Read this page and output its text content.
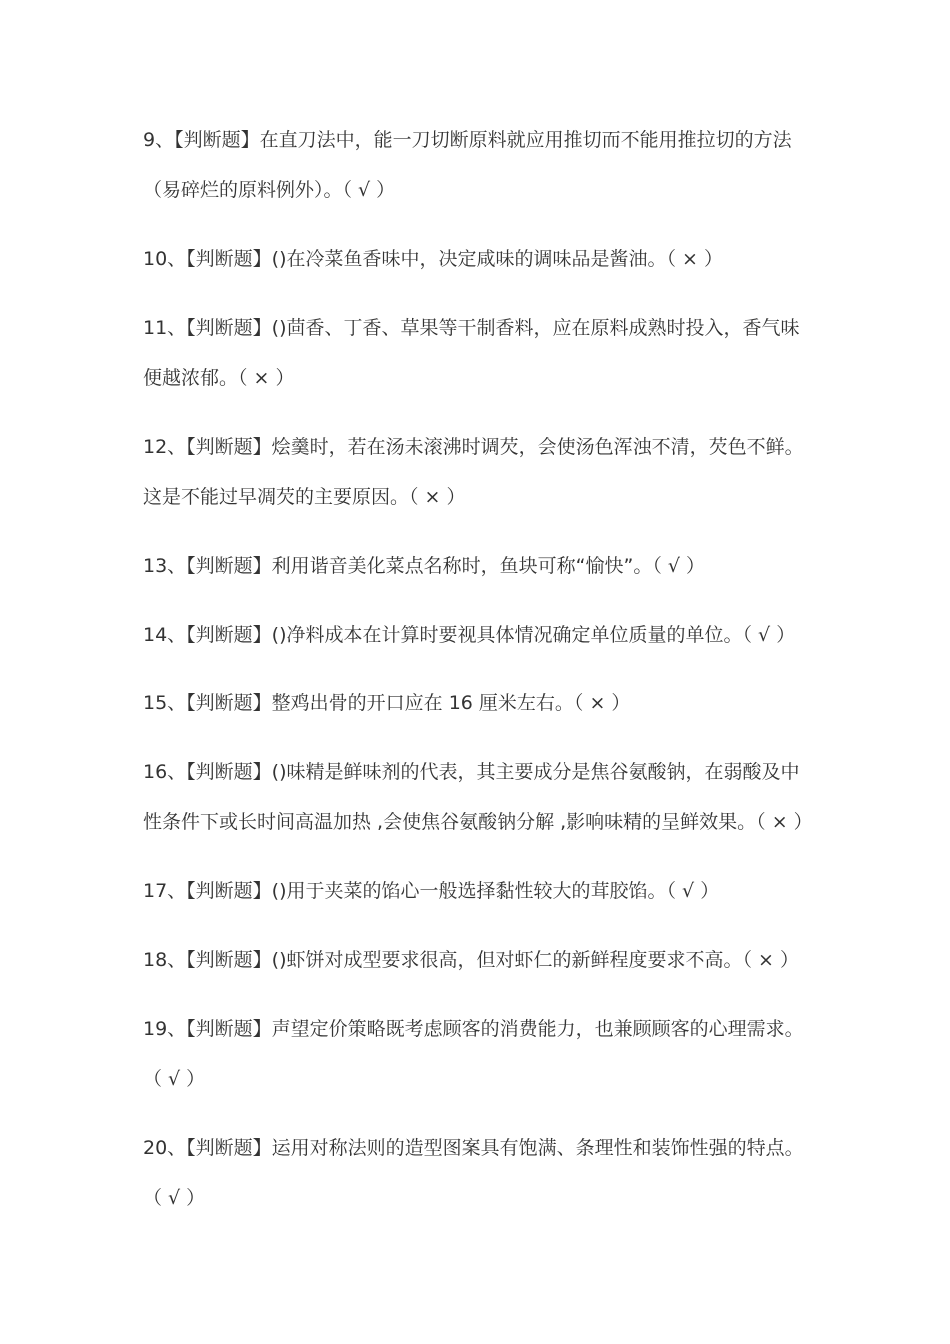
9、【判断题】在直刀法中，能一刀切断原料就应用推切而不能用推拉切的方法
（易碎烂的原料例外）。（ √ ）
10、【判断题】()在冷菜鱼香味中，决定咸味的调味品是酱油。（ × ）
11、【判断题】()茴香、丁香、草果等干制香料，应在原料成熟时投入，香气味
便越浓郁。（ × ）
12、【判断题】烩羹时，若在汤未滚沸时调芡，会使汤色浑浊不清，芡色不鲜。
这是不能过早凋芡的主要原因。（ × ）
13、【判断题】利用谐音美化菜点名称时，鱼块可称“愉快”。（ √ ）
14、【判断题】()净料成本在计算时要视具体情况确定单位质量的单位。（ √ ）
15、【判断题】整鸡出骨的开口应在 16 厘米左右。（ × ）
16、【判断题】()味精是鲜味剂的代表，其主要成分是焦谷氨酸钠，在弱酸及中
性条件下或长时间高温加热 ,会使焦谷氨酸钠分解 ,影响味精的呈鲜效果。（ × ）
17、【判断题】()用于夹菜的馅心一般选择黏性较大的茸胶馅。（ √ ）
18、【判断题】()虾饼对成型要求很高，但对虾仁的新鲜程度要求不高。（ × ）
19、【判断题】声望定价策略既考虑顾客的消费能力，也兼顾顾客的心理需求。
（ √ ）
20、【判断题】运用对称法则的造型图案具有饱满、条理性和装饰性强的特点。
（ √ ）
